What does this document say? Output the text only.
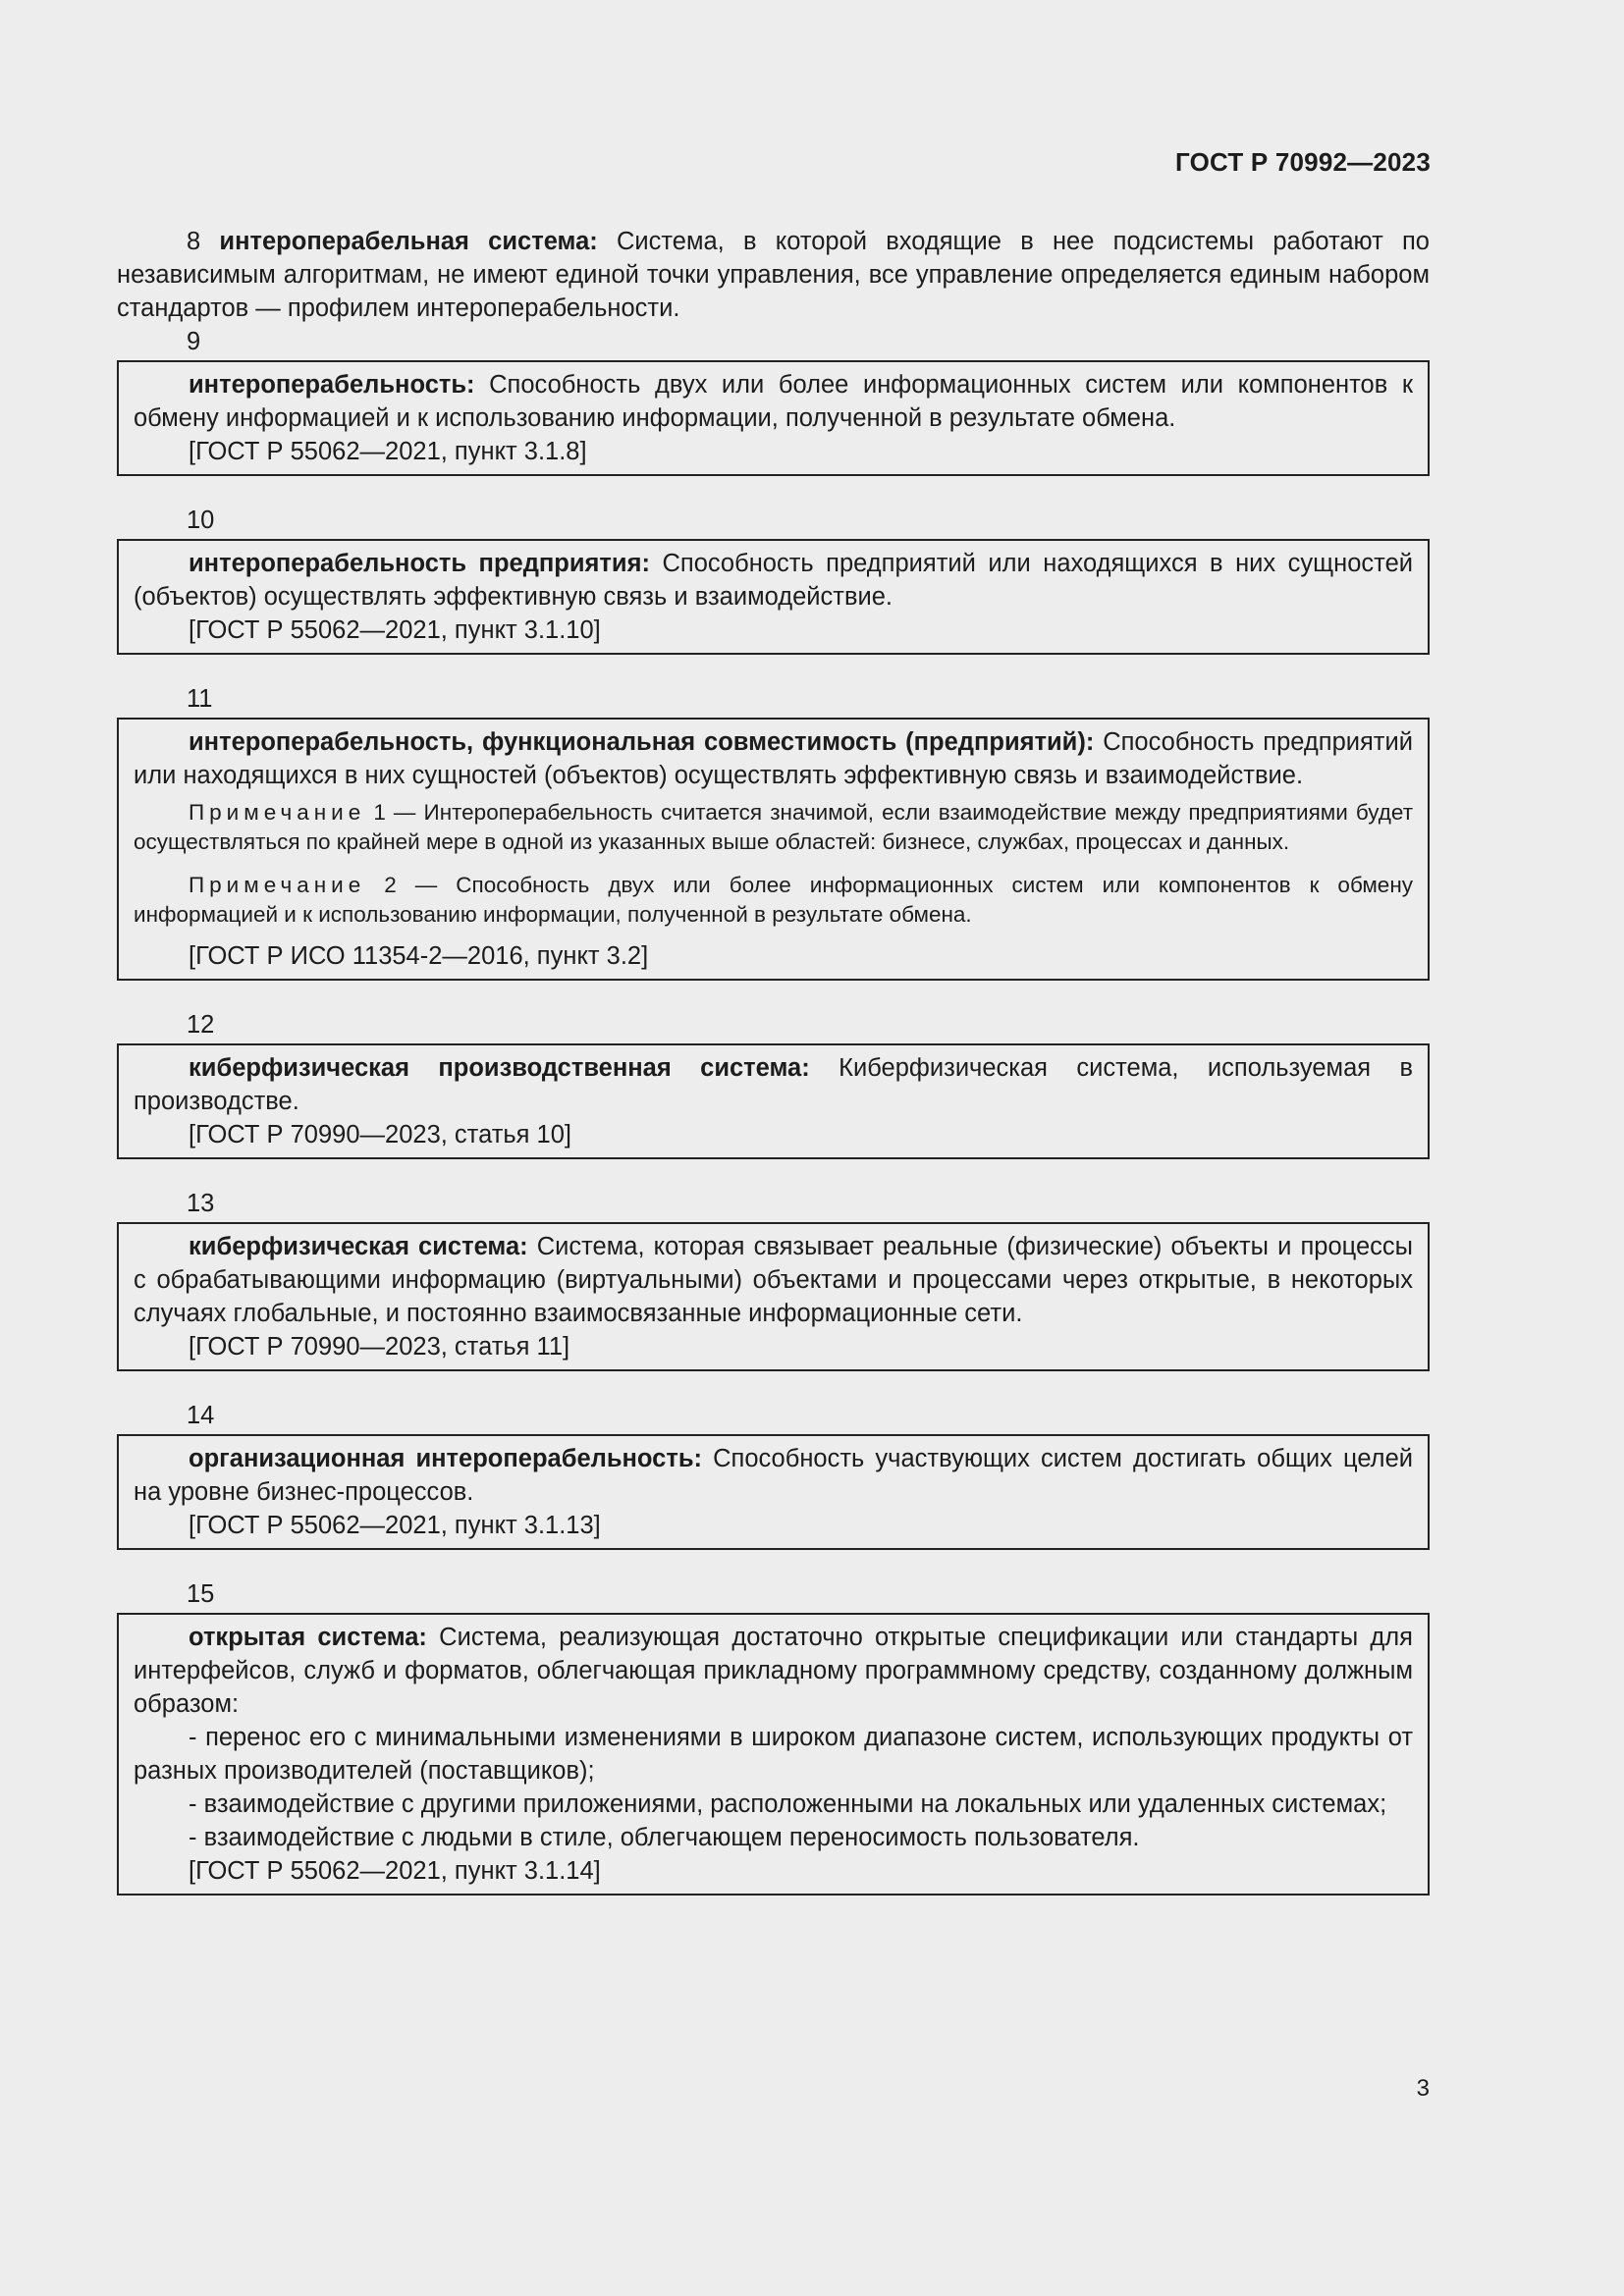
ГОСТ Р 70992—2023

8 интероперабельная система: Система, в которой входящие в нее подсистемы работают по независимым алгоритмам, не имеют единой точки управления, все управление определяется единым набором стандартов — профилем интероперабельности.

9

интероперабельность: Способность двух или более информационных систем или компонентов к обмену информацией и к использованию информации, полученной в результате обмена.

[ГОСТ Р 55062—2021, пункт 3.1.8]

10

интероперабельность предприятия: Способность предприятий или находящихся в них сущностей (объектов) осуществлять эффективную связь и взаимодействие.

[ГОСТ Р 55062—2021, пункт 3.1.10]

11

интероперабельность, функциональная совместимость (предприятий): Способность предприятий или находящихся в них сущностей (объектов) осуществлять эффективную связь и взаимодействие.

Примечание 1 — Интероперабельность считается значимой, если взаимодействие между предприятиями будет осуществляться по крайней мере в одной из указанных выше областей: бизнесе, службах, процессах и данных.

Примечание 2 — Способность двух или более информационных систем или компонентов к обмену информацией и к использованию информации, полученной в результате обмена.

[ГОСТ Р ИСО 11354-2—2016, пункт 3.2]

12

киберфизическая производственная система: Киберфизическая система, используемая в производстве.

[ГОСТ Р 70990—2023, статья 10]

13

киберфизическая система: Система, которая связывает реальные (физические) объекты и процессы с обрабатывающими информацию (виртуальными) объектами и процессами через открытые, в некоторых случаях глобальные, и постоянно взаимосвязанные информационные сети.

[ГОСТ Р 70990—2023, статья 11]

14

организационная интероперабельность: Способность участвующих систем достигать общих целей на уровне бизнес-процессов.

[ГОСТ Р 55062—2021, пункт 3.1.13]

15

открытая система: Система, реализующая достаточно открытые спецификации или стандарты для интерфейсов, служб и форматов, облегчающая прикладному программному средству, созданному должным образом:

- перенос его с минимальными изменениями в широком диапазоне систем, использующих продукты от разных производителей (поставщиков);

- взаимодействие с другими приложениями, расположенными на локальных или удаленных системах;

- взаимодействие с людьми в стиле, облегчающем переносимость пользователя.

[ГОСТ Р 55062—2021, пункт 3.1.14]

3
